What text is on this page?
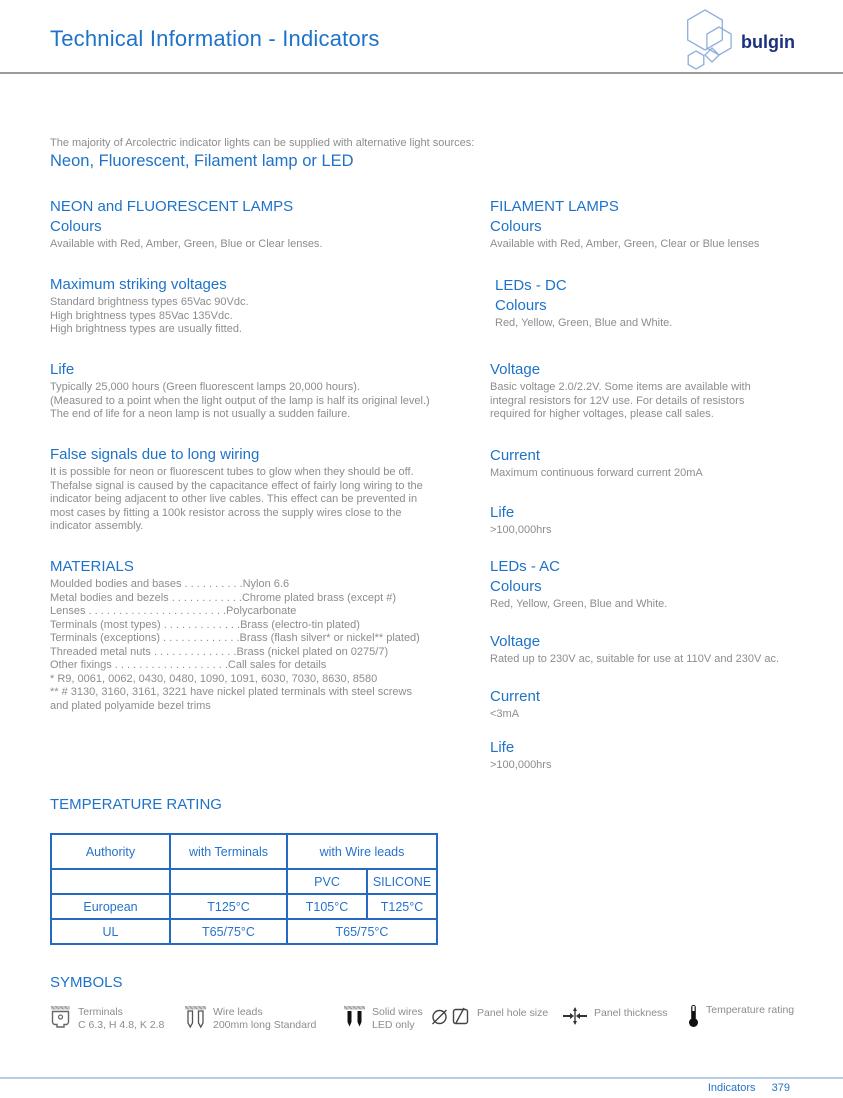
Technical Information - Indicators	bulgin
The majority of Arcolectric indicator lights can be supplied with alternative light sources:
Neon, Fluorescent, Filament lamp or LED
NEON and FLUORESCENT LAMPS
Colours
Available with Red, Amber, Green, Blue or Clear lenses.
Maximum striking voltages
Standard brightness types 65Vac 90Vdc.
High brightness types 85Vac 135Vdc.
High brightness types are usually fitted.
Life
Typically 25,000 hours (Green fluorescent lamps 20,000 hours).
(Measured to a point when the light output of the lamp is half its original level.)
The end of life for a neon lamp is not usually a sudden failure.
False signals due to long wiring
It is possible for neon or fluorescent tubes to glow when they should be off.
Thefalse signal is caused by the capacitance effect of fairly long wiring to the
indicator being adjacent to other live cables. This effect can be prevented in
most cases by fitting a 100k resistor across the supply wires close to the
indicator assembly.
MATERIALS
Moulded bodies and bases . . . . . . . . . .Nylon 6.6
Metal bodies and bezels . . . . . . . . . . . .Chrome plated brass (except #)
Lenses . . . . . . . . . . . . . . . . . . . . . . .Polycarbonate
Terminals (most types) . . . . . . . . . . . . .Brass (electro-tin plated)
Terminals (exceptions) . . . . . . . . . . . . .Brass (flash silver* or nickel** plated)
Threaded metal nuts . . . . . . . . . . . . . .Brass (nickel plated on 0275/7)
Other fixings . . . . . . . . . . . . . . . . . . .Call sales for details
* R9, 0061, 0062, 0430, 0480, 1090, 1091, 6030, 7030, 8630, 8580
** # 3130, 3160, 3161, 3221 have nickel plated terminals with steel screws
and plated polyamide bezel trims
FILAMENT LAMPS
Colours
Available with Red, Amber, Green, Clear or Blue lenses
LEDs - DC
Colours
Red, Yellow, Green, Blue and White.
Voltage
Basic voltage 2.0/2.2V. Some items are available with
integral resistors for 12V use. For details of resistors
required for higher voltages, please call sales.
Current
Maximum continuous forward current 20mA
Life
>100,000hrs
LEDs - AC
Colours
Red, Yellow, Green, Blue and White.
Voltage
Rated up to 230V ac, suitable for use at 110V and 230V ac.
Current
<3mA
Life
>100,000hrs
TEMPERATURE RATING
Authority	with Terminals	with Wire leads	
		PVC	SILICONE
European	T125°C	T105°C	T125°C
UL	T65/75°C	T65/75°C	
SYMBOLS
Terminals
C 6.3, H 4.8, K 2.8
Wire leads
200mm long Standard
Solid wires
LED only
Panel hole size	Panel thickness	Temperature rating
Indicators 379
